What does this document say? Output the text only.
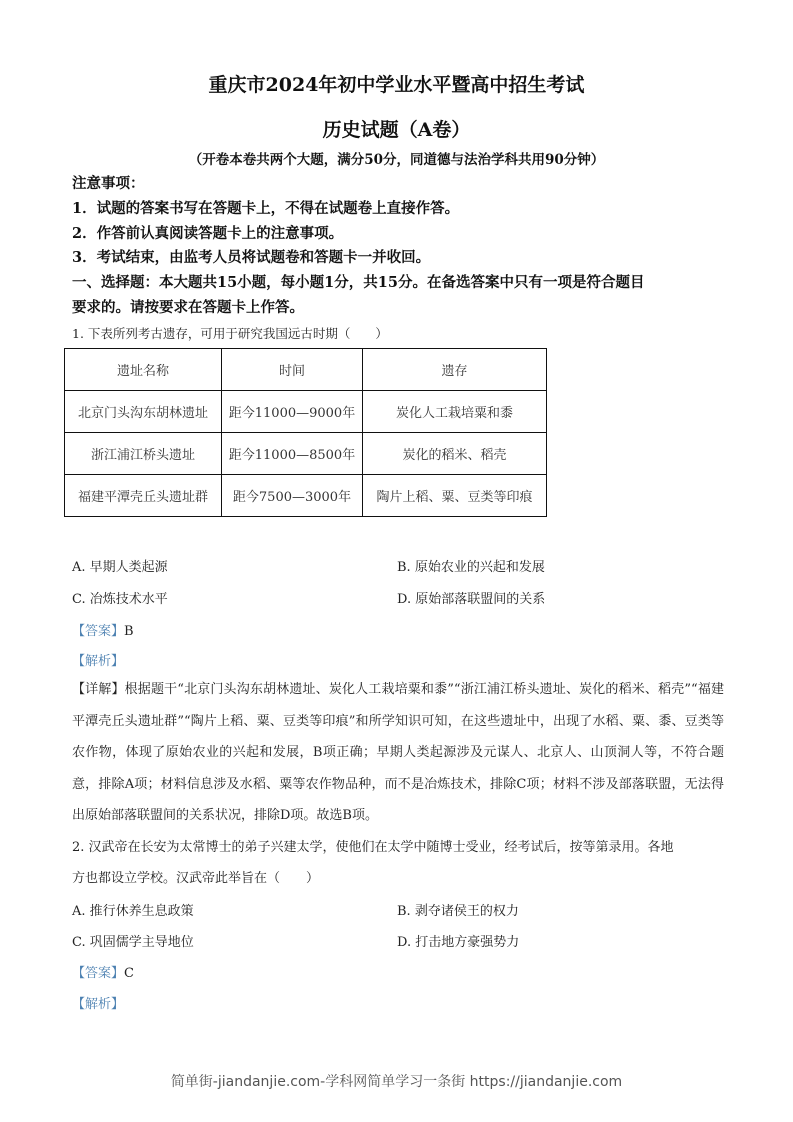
重庆市2024年初中学业水平暨高中招生考试
历史试题（A卷）
（开卷本卷共两个大题，满分50分，同道德与法治学科共用90分钟）
注意事项：
1．试题的答案书写在答题卡上，不得在试题卷上直接作答。
2．作答前认真阅读答题卡上的注意事项。
3．考试结束，由监考人员将试题卷和答题卡一并收回。
一、选择题：本大题共15小题，每小题1分，共15分。在备选答案中只有一项是符合题目
要求的。请按要求在答题卡上作答。
1. 下表所列考古遗存，可用于研究我国远古时期（　　）
遗址名称	时间	遗存
北京门头沟东胡林遗址	距今11000—9000年	炭化人工栽培粟和黍
浙江浦江桥头遗址	距今11000—8500年	炭化的稻米、稻壳
福建平潭壳丘头遗址群	距今7500—3000年	陶片上稻、粟、豆类等印痕
A. 早期人类起源	B. 原始农业的兴起和发展
C. 冶炼技术水平	D. 原始部落联盟间的关系
【答案】B
【解析】
【详解】根据题干“北京门头沟东胡林遗址、炭化人工栽培粟和黍”“浙江浦江桥头遗址、炭化的稻米、稻壳”“福建平潭壳丘头遗址群”“陶片上稻、粟、豆类等印痕”和所学知识可知，在这些遗址中，出现了水稻、粟、黍、豆类等农作物，体现了原始农业的兴起和发展，B项正确；早期人类起源涉及元谋人、北京人、山顶洞人等，不符合题意，排除A项；材料信息涉及水稻、粟等农作物品种，而不是冶炼技术，排除C项；材料不涉及部落联盟，无法得出原始部落联盟间的关系状况，排除D项。故选B项。
2. 汉武帝在长安为太常博士的弟子兴建太学，使他们在太学中随博士受业，经考试后，按等第录用。各地
方也都设立学校。汉武帝此举旨在（　　）
A. 推行休养生息政策	B. 剥夺诸侯王的权力
C. 巩固儒学主导地位	D. 打击地方豪强势力
【答案】C
【解析】
简单街-jiandanjie.com-学科网简单学习一条街 https://jiandanjie.com
